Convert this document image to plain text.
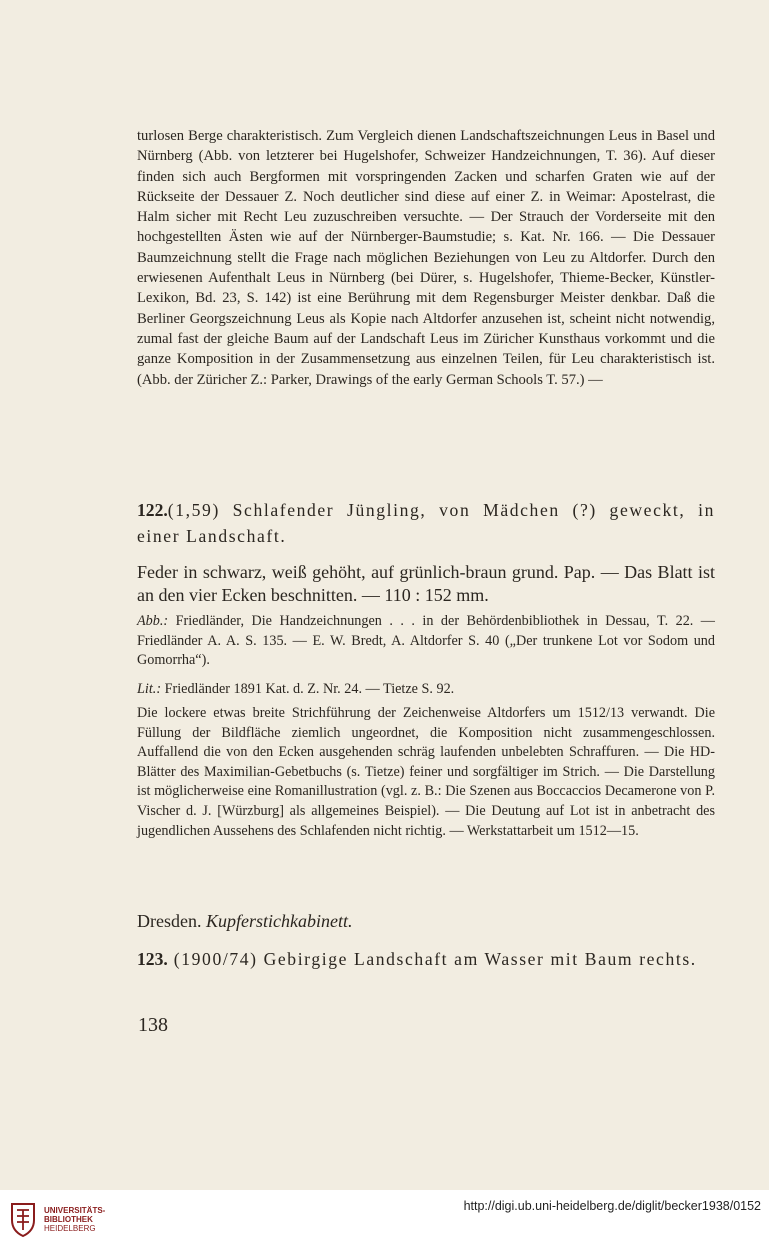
turlosen Berge charakteristisch. Zum Vergleich dienen Landschaftszeichnungen Leus in Basel und Nürnberg (Abb. von letzterer bei Hugelshofer, Schweizer Handzeichnungen, T. 36). Auf dieser finden sich auch Bergformen mit vorspringenden Zacken und scharfen Graten wie auf der Rückseite der Dessauer Z. Noch deutlicher sind diese auf einer Z. in Weimar: Apostelrast, die Halm sicher mit Recht Leu zuzuschreiben versuchte. — Der Strauch der Vorderseite mit den hochgestellten Ästen wie auf der Nürnberger-Baumstudie; s. Kat. Nr. 166. — Die Dessauer Baumzeichnung stellt die Frage nach möglichen Beziehungen von Leu zu Altdorfer. Durch den erwiesenen Aufenthalt Leus in Nürnberg (bei Dürer, s. Hugelshofer, Thieme-Becker, Künstler-Lexikon, Bd. 23, S. 142) ist eine Berührung mit dem Regensburger Meister denkbar. Daß die Berliner Georgszeichnung Leus als Kopie nach Altdorfer anzusehen ist, scheint nicht notwendig, zumal fast der gleiche Baum auf der Landschaft Leus im Züricher Kunsthaus vorkommt und die ganze Komposition in der Zusammensetzung aus einzelnen Teilen, für Leu charakteristisch ist. (Abb. der Züricher Z.: Parker, Drawings of the early German Schools T. 57.) —

122.(1,59) Schlafender Jüngling, von Mädchen (?) geweckt, in einer Landschaft.

Feder in schwarz, weiß gehöht, auf grünlich-braun grund. Pap. — Das Blatt ist an den vier Ecken beschnitten. — 110 : 152 mm.

Abb.: Friedländer, Die Handzeichnungen . . . in der Behördenbibliothek in Dessau, T. 22. — Friedländer A. A. S. 135. — E. W. Bredt, A. Altdorfer S. 40 („Der trunkene Lot vor Sodom und Gomorrha“).

Lit.: Friedländer 1891 Kat. d. Z. Nr. 24. — Tietze S. 92.

Die lockere etwas breite Strichführung der Zeichenweise Altdorfers um 1512/13 verwandt. Die Füllung der Bildfläche ziemlich ungeordnet, die Komposition nicht zusammengeschlossen. Auffallend die von den Ecken ausgehenden schräg laufenden unbelebten Schraffuren. — Die HD-Blätter des Maximilian-Gebetbuchs (s. Tietze) feiner und sorgfältiger im Strich. — Die Darstellung ist möglicherweise eine Romanillustration (vgl. z. B.: Die Szenen aus Boccaccios Decamerone von P. Vischer d. J. [Würzburg] als allgemeines Beispiel). — Die Deutung auf Lot ist in anbetracht des jugendlichen Aussehens des Schlafenden nicht richtig. — Werkstattarbeit um 1512—15.

Dresden. Kupferstichkabinett.

123. (1900/74) Gebirgige Landschaft am Wasser mit Baum rechts.

138
UNIVERSITÄTS-
BIBLIOTHEK
HEIDELBERG
http://digi.ub.uni-heidelberg.de/diglit/becker1938/0152
